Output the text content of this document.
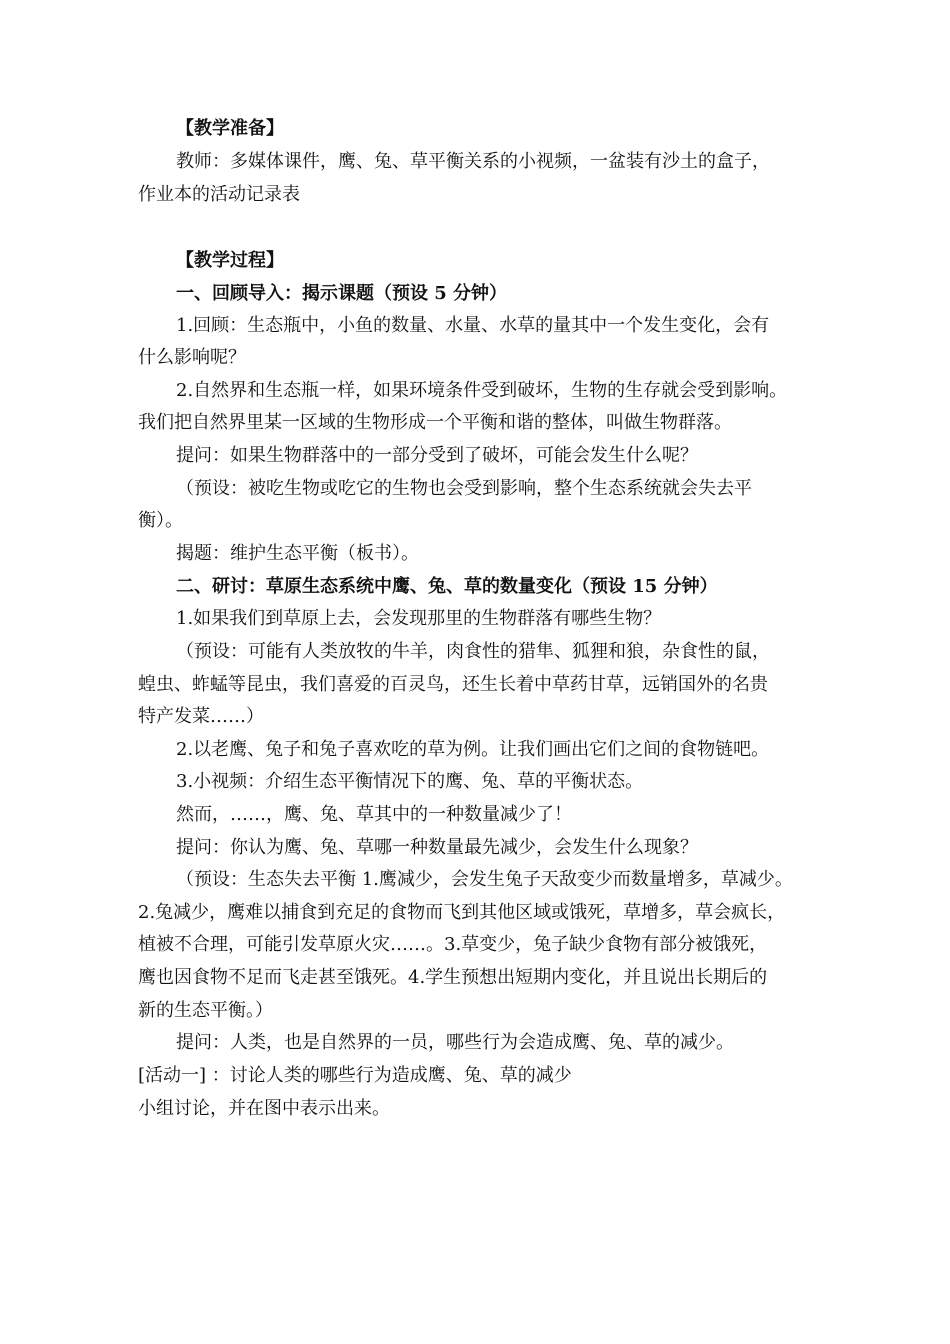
【教学准备】
教师：多媒体课件，鹰、兔、草平衡关系的小视频，一盆装有沙土的盒子，
作业本的活动记录表
【教学过程】
一、回顾导入：揭示课题（预设 5 分钟）
1.回顾：生态瓶中，小鱼的数量、水量、水草的量其中一个发生变化，会有
什么影响呢？
2.自然界和生态瓶一样，如果环境条件受到破坏，生物的生存就会受到影响。
我们把自然界里某一区域的生物形成一个平衡和谐的整体，叫做生物群落。
提问：如果生物群落中的一部分受到了破坏，可能会发生什么呢？
（预设：被吃生物或吃它的生物也会受到影响，整个生态系统就会失去平
衡）。
揭题：维护生态平衡（板书）。
二、研讨：草原生态系统中鹰、兔、草的数量变化（预设 15 分钟）
1.如果我们到草原上去，会发现那里的生物群落有哪些生物？
（预设：可能有人类放牧的牛羊，肉食性的猎隼、狐狸和狼，杂食性的鼠，
蝗虫、蚱蜢等昆虫，我们喜爱的百灵鸟，还生长着中草药甘草，远销国外的名贵
特产发菜……）
2.以老鹰、兔子和兔子喜欢吃的草为例。让我们画出它们之间的食物链吧。
3.小视频：介绍生态平衡情况下的鹰、兔、草的平衡状态。
然而，……，鹰、兔、草其中的一种数量减少了！
提问：你认为鹰、兔、草哪一种数量最先减少，会发生什么现象？
（预设：生态失去平衡 1.鹰减少，会发生兔子天敌变少而数量增多，草减少。
2.兔减少，鹰难以捕食到充足的食物而飞到其他区域或饿死，草增多，草会疯长，
植被不合理，可能引发草原火灾……。3.草变少，兔子缺少食物有部分被饿死，
鹰也因食物不足而飞走甚至饿死。4.学生预想出短期内变化，并且说出长期后的
新的生态平衡。）
提问：人类，也是自然界的一员，哪些行为会造成鹰、兔、草的减少。
[活动一] ：讨论人类的哪些行为造成鹰、兔、草的减少
小组讨论，并在图中表示出来。
